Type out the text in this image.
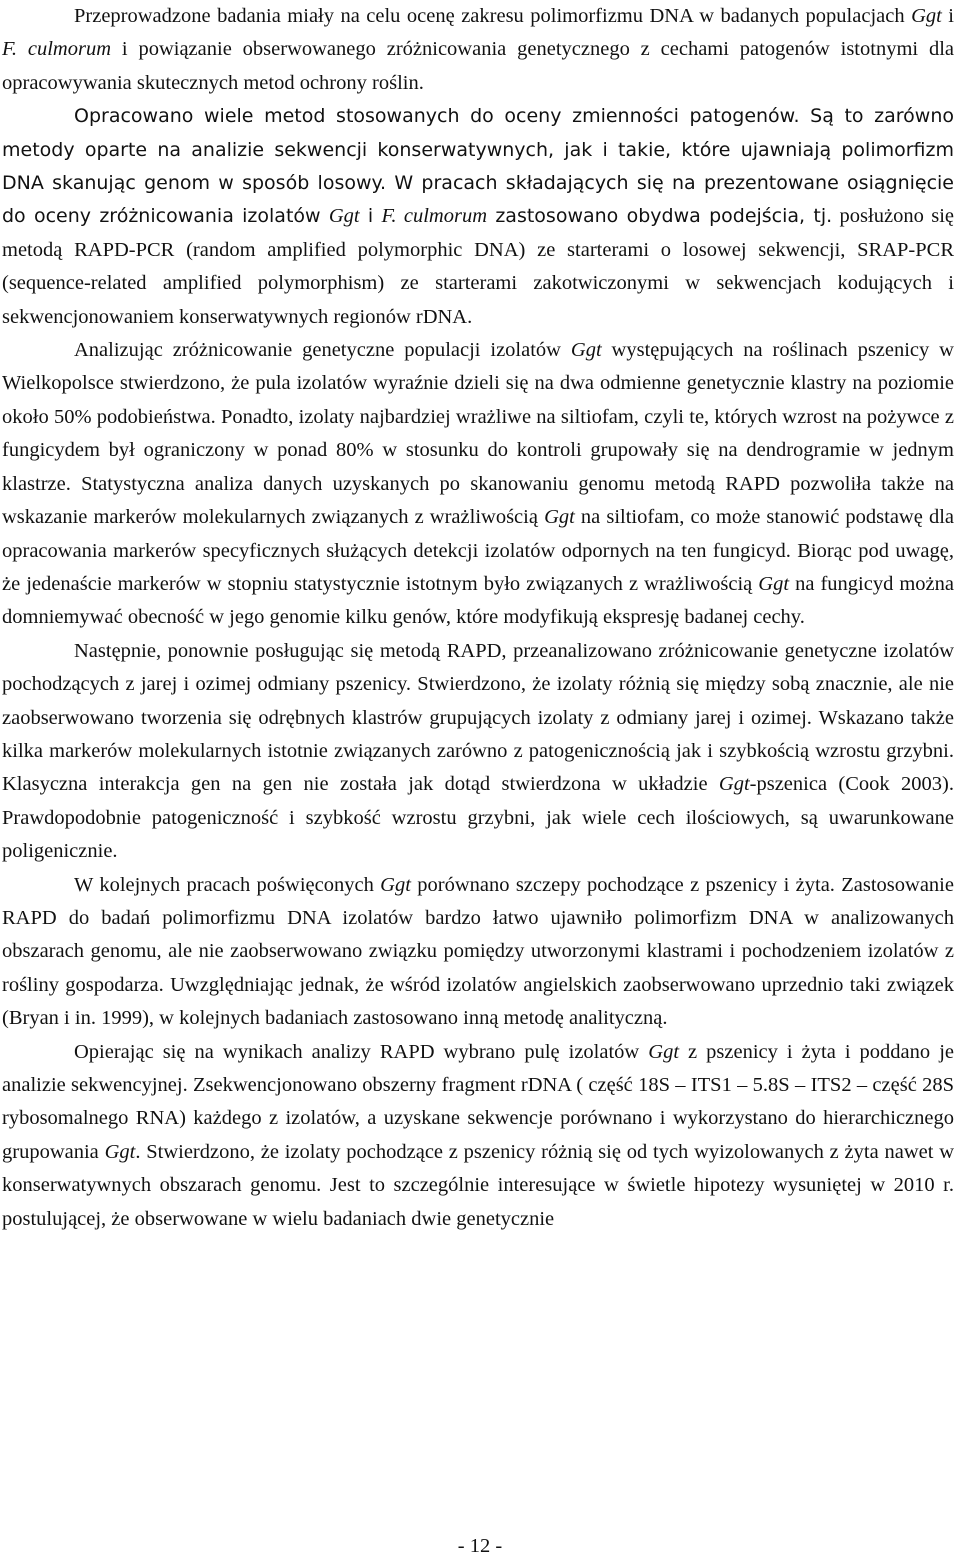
Przeprowadzone badania miały na celu ocenę zakresu polimorfizmu DNA w badanych populacjach Ggt i F. culmorum i powiązanie obserwowanego zróżnicowania genetycznego z cechami patogenów istotnymi dla opracowywania skutecznych metod ochrony roślin.

Opracowano wiele metod stosowanych do oceny zmienności patogenów. Są to zarówno metody oparte na analizie sekwencji konserwatywnych, jak i takie, które ujawniają polimorfizm DNA skanując genom w sposób losowy. W pracach składających się na prezentowane osiągnięcie do oceny zróżnicowania izolatów Ggt i F. culmorum zastosowano obydwa podejścia, tj. posłużono się metodą RAPD-PCR (random amplified polymorphic DNA) ze starterami o losowej sekwencji, SRAP-PCR (sequence-related amplified polymorphism) ze starterami zakotwiczonymi w sekwencjach kodujących i sekwencjonowaniem konserwatywnych regionów rDNA.

Analizując zróżnicowanie genetyczne populacji izolatów Ggt występujących na roślinach pszenicy w Wielkopolsce stwierdzono, że pula izolatów wyraźnie dzieli się na dwa odmienne genetycznie klastry na poziomie około 50% podobieństwa. Ponadto, izolaty najbardziej wrażliwe na siltiofam, czyli te, których wzrost na pożywce z fungicydem był ograniczony w ponad 80% w stosunku do kontroli grupowały się na dendrogramie w jednym klastrze. Statystyczna analiza danych uzyskanych po skanowaniu genomu metodą RAPD pozwoliła także na wskazanie markerów molekularnych związanych z wrażliwością Ggt na siltiofam, co może stanowić podstawę dla opracowania markerów specyficznych służących detekcji izolatów odpornych na ten fungicyd. Biorąc pod uwagę, że jedenaście markerów w stopniu statystycznie istotnym było związanych z wrażliwością Ggt na fungicyd można domniemywać obecność w jego genomie kilku genów, które modyfikują ekspresję badanej cechy.

Następnie, ponownie posługując się metodą RAPD, przeanalizowano zróżnicowanie genetyczne izolatów pochodzących z jarej i ozimej odmiany pszenicy. Stwierdzono, że izolaty różnią się między sobą znacznie, ale nie zaobserwowano tworzenia się odrębnych klastrów grupujących izolaty z odmiany jarej i ozimej. Wskazano także kilka markerów molekularnych istotnie związanych zarówno z patogenicznością jak i szybkością wzrostu grzybni. Klasyczna interakcja gen na gen nie została jak dotąd stwierdzona w układzie Ggt-pszenica (Cook 2003). Prawdopodobnie patogeniczność i szybkość wzrostu grzybni, jak wiele cech ilościowych, są uwarunkowane poligenicznie.

W kolejnych pracach poświęconych Ggt porównano szczepy pochodzące z pszenicy i żyta. Zastosowanie RAPD do badań polimorfizmu DNA izolatów bardzo łatwo ujawniło polimorfizm DNA w analizowanych obszarach genomu, ale nie zaobserwowano związku pomiędzy utworzonymi klastrami i pochodzeniem izolatów z rośliny gospodarza. Uwzględniając jednak, że wśród izolatów angielskich zaobserwowano uprzednio taki związek (Bryan i in. 1999), w kolejnych badaniach zastosowano inną metodę analityczną.

Opierając się na wynikach analizy RAPD wybrano pulę izolatów Ggt z pszenicy i żyta i poddano je analizie sekwencyjnej. Zsekwencjonowano obszerny fragment rDNA ( część 18S – ITS1 – 5.8S – ITS2 – część 28S rybosomalnego RNA) każdego z izolatów, a uzyskane sekwencje porównano i wykorzystano do hierarchicznego grupowania Ggt. Stwierdzono, że izolaty pochodzące z pszenicy różnią się od tych wyizolowanych z żyta nawet w konserwatywnych obszarach genomu. Jest to szczególnie interesujące w świetle hipotezy wysuniętej w 2010 r. postulującej, że obserwowane w wielu badaniach dwie genetycznie

- 12 -
